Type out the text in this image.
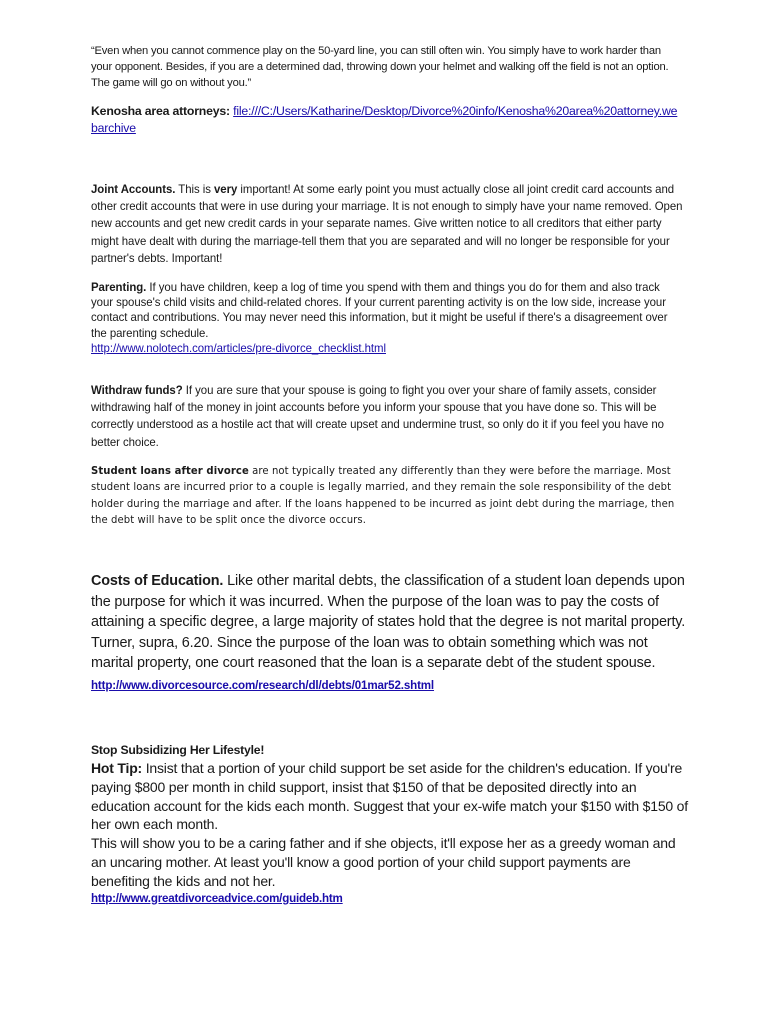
“Even when you cannot commence play on the 50-yard line, you can still often win. You simply have to work harder than your opponent. Besides, if you are a determined dad, throwing down your helmet and walking off the field is not an option. The game will go on without you.”
Kenosha area attorneys: file:///C:/Users/Katharine/Desktop/Divorce%20info/Kenosha%20area%20attorney.webarchive
Joint Accounts. This is very important! At some early point you must actually close all joint credit card accounts and other credit accounts that were in use during your marriage. It is not enough to simply have your name removed. Open new accounts and get new credit cards in your separate names. Give written notice to all creditors that either party might have dealt with during the marriage-tell them that you are separated and will no longer be responsible for your partner's debts. Important!
Parenting. If you have children, keep a log of time you spend with them and things you do for them and also track your spouse's child visits and child-related chores. If your current parenting activity is on the low side, increase your contact and contributions. You may never need this information, but it might be useful if there's a disagreement over the parenting schedule.
http://www.nolotech.com/articles/pre-divorce_checklist.html
Withdraw funds? If you are sure that your spouse is going to fight you over your share of family assets, consider withdrawing half of the money in joint accounts before you inform your spouse that you have done so. This will be correctly understood as a hostile act that will create upset and undermine trust, so only do it if you feel you have no better choice.
Student loans after divorce are not typically treated any differently than they were before the marriage. Most student loans are incurred prior to a couple is legally married, and they remain the sole responsibility of the debt holder during the marriage and after. If the loans happened to be incurred as joint debt during the marriage, then the debt will have to be split once the divorce occurs.
Costs of Education. Like other marital debts, the classification of a student loan depends upon the purpose for which it was incurred. When the purpose of the loan was to pay the costs of attaining a specific degree, a large majority of states hold that the degree is not marital property. Turner, supra, 6.20. Since the purpose of the loan was to obtain something which was not marital property, one court reasoned that the loan is a separate debt of the student spouse.
http://www.divorcesource.com/research/dl/debts/01mar52.shtml
Stop Subsidizing Her Lifestyle!
Hot Tip: Insist that a portion of your child support be set aside for the children's education. If you're paying $800 per month in child support, insist that $150 of that be deposited directly into an education account for the kids each month. Suggest that your ex-wife match your $150 with $150 of her own each month.
This will show you to be a caring father and if she objects, it'll expose her as a greedy woman and an uncaring mother. At least you'll know a good portion of your child support payments are benefiting the kids and not her.
http://www.greatdivorceadvice.com/guideb.htm
